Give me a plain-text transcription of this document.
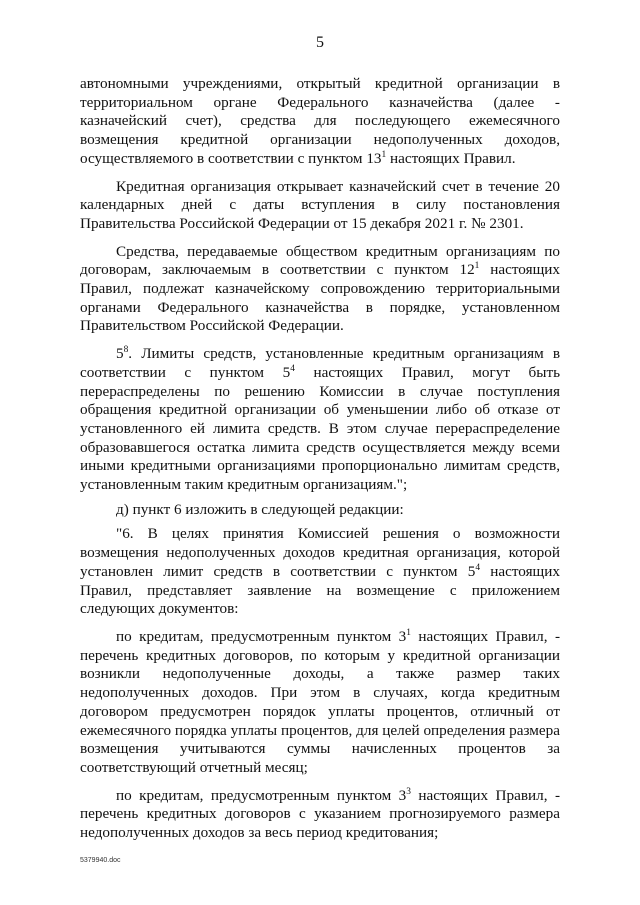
5

автономными учреждениями, открытый кредитной организации в территориальном органе Федерального казначейства (далее - казначейский счет), средства для последующего ежемесячного возмещения кредитной организации недополученных доходов, осуществляемого в соответствии с пунктом $13^1$ настоящих Правил.

Кредитная организация открывает казначейский счет в течение 20 календарных дней с даты вступления в силу постановления Правительства Российской Федерации от 15 декабря 2021 г. № 2301.

Средства, передаваемые обществом кредитным организациям по договорам, заключаемым в соответствии с пунктом $12^1$ настоящих Правил, подлежат казначейскому сопровождению территориальными органами Федерального казначейства в порядке, установленном Правительством Российской Федерации.

$5^8$. Лимиты средств, установленные кредитным организациям в соответствии с пунктом $5^4$ настоящих Правил, могут быть перераспределены по решению Комиссии в случае поступления обращения кредитной организации об уменьшении либо об отказе от установленного ей лимита средств. В этом случае перераспределение образовавшегося остатка лимита средств осуществляется между всеми иными кредитными организациями пропорционально лимитам средств, установленным таким кредитным организациям.";

д) пункт 6 изложить в следующей редакции:

"6. В целях принятия Комиссией решения о возможности возмещения недополученных доходов кредитная организация, которой установлен лимит средств в соответствии с пунктом $5^4$ настоящих Правил, представляет заявление на возмещение с приложением следующих документов:

по кредитам, предусмотренным пунктом $3^1$ настоящих Правил, - перечень кредитных договоров, по которым у кредитной организации возникли недополученные доходы, а также размер таких недополученных доходов. При этом в случаях, когда кредитным договором предусмотрен порядок уплаты процентов, отличный от ежемесячного порядка уплаты процентов, для целей определения размера возмещения учитываются суммы начисленных процентов за соответствующий отчетный месяц;

по кредитам, предусмотренным пунктом $3^3$ настоящих Правил, - перечень кредитных договоров с указанием прогнозируемого размера недополученных доходов за весь период кредитования;

5379940.doc
